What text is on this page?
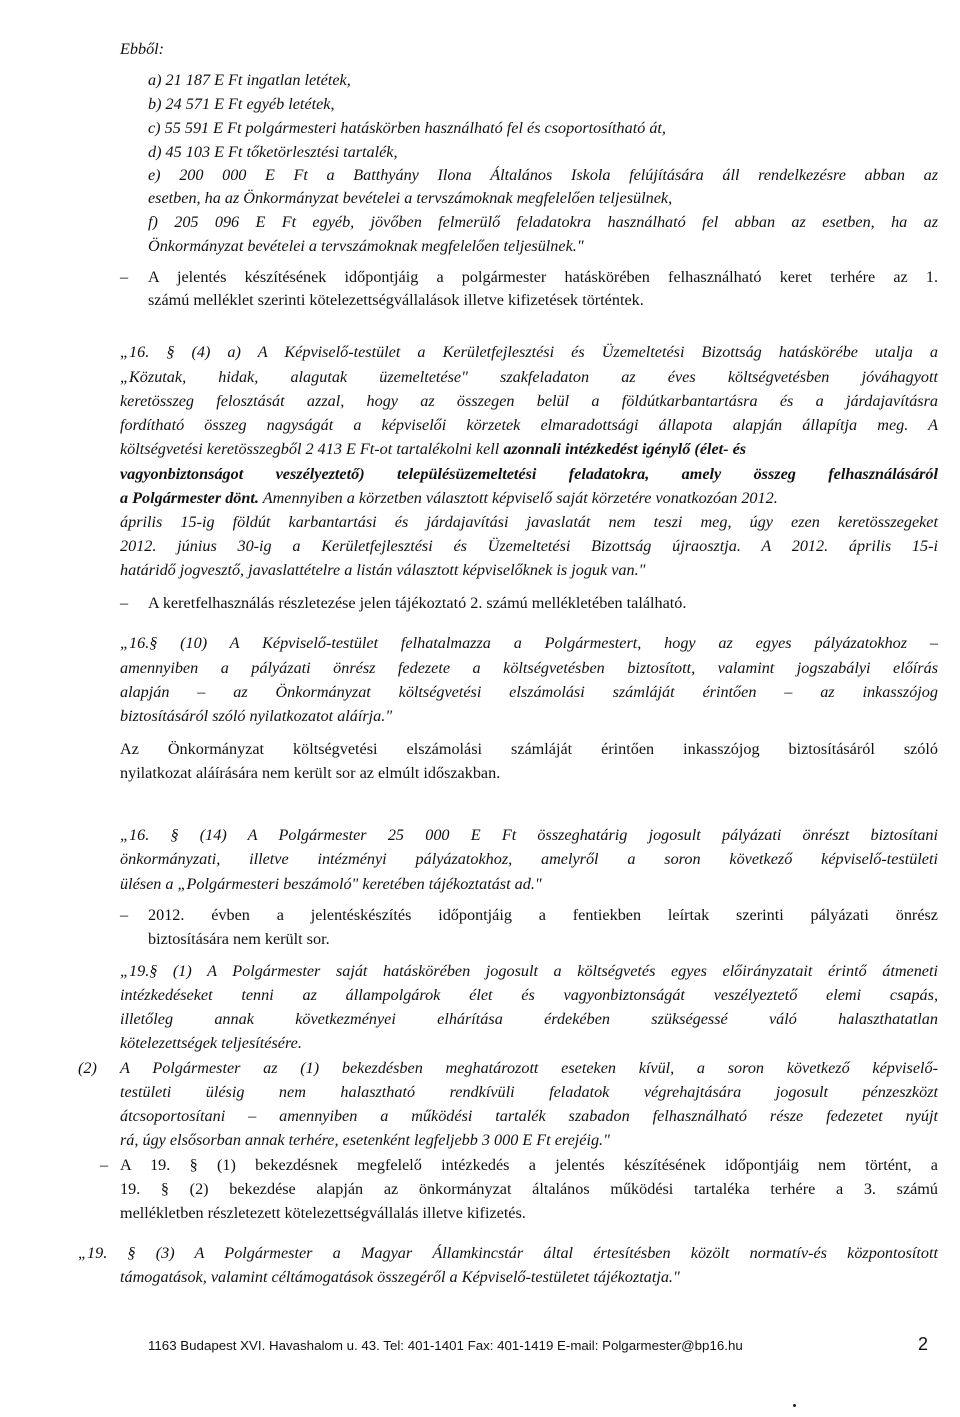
Ebből:
a) 21 187 E Ft ingatlan letétek,
b) 24 571 E Ft egyéb letétek,
c) 55 591 E Ft polgármesteri hatáskörben használható fel és csoportosítható át,
d) 45 103 E Ft tőketörlesztési tartalék,
e) 200 000 E Ft a Batthyány Ilona Általános Iskola felújítására áll rendelkezésre abban az
esetben, ha az Önkormányzat bevételei a tervszámoknak megfelelően teljesülnek,
f) 205 096 E Ft egyéb, jövőben felmerülő feladatokra használható fel abban az esetben, ha az
Önkormányzat bevételei a tervszámoknak megfelelően teljesülnek."
– A jelentés készítésének időpontjáig a polgármester hatáskörében felhasználható keret terhére az 1.
számú melléklet szerinti kötelezettségvállalások illetve kifizetések történtek.
„16. § (4) a) A Képviselő-testület a Kerületfejlesztési és Üzemeltetési Bizottság hatáskörébe utalja a
„Közutak, hidak, alagutak üzemeltetése" szakfeladaton az éves költségvetésben jóváhagyott
keretösszeg felosztását azzal, hogy az összegen belül a földútkarbantartásra és a járdajavításra
fordítható összeg nagyságát a képviselői körzetek elmaradottsági állapota alapján állapítja meg. A
költségvetési keretösszegből 2 413 E Ft-ot tartalékolni kell azonnali intézkedést igénylő (élet- és
vagyonbiztonságot veszélyeztető) településüzemeltetési feladatokra, amely összeg felhasználásáról
a Polgármester dönt. Amennyiben a körzetben választott képviselő saját körzetére vonatkozóan 2012.
április 15-ig földút karbantartási és járdajavítási javaslatát nem teszi meg, úgy ezen keretösszegeket
2012. június 30-ig a Kerületfejlesztési és Üzemeltetési Bizottság újraosztja. A 2012. április 15-i
határidő jogvesztő, javaslattételre a listán választott képviselőknek is joguk van."
– A keretfelhasználás részletezése jelen tájékoztató 2. számú mellékletében található.
„16.§ (10) A Képviselő-testület felhatalmazza a Polgármestert, hogy az egyes pályázatokhoz –
amennyiben a pályázati önrész fedezete a költségvetésben biztosított, valamint jogszabályi előírás
alapján – az Önkormányzat költségvetési elszámolási számláját érintően – az inkasszójog
biztosításáról szóló nyilatkozatot aláírja."
Az Önkormányzat költségvetési elszámolási számláját érintően inkasszójog biztosításáról szóló
nyilatkozat aláírására nem került sor az elmúlt időszakban.
„16. § (14) A Polgármester 25 000 E Ft összeghatárig jogosult pályázati önrészt biztosítani
önkormányzati, illetve intézményi pályázatokhoz, amelyről a soron következő képviselő-testületi
ülésen a „Polgármesteri beszámoló" keretében tájékoztatást ad."
– 2012. évben a jelentéskészítés időpontjáig a fentiekben leírtak szerinti pályázati önrész
biztosítására nem került sor.
„19.§ (1) A Polgármester saját hatáskörében jogosult a költségvetés egyes előirányzatait érintő átmeneti
intézkedéseket tenni az állampolgárok élet és vagyonbiztonságát veszélyeztető elemi csapás,
illetőleg annak következményei elhárítása érdekében szükségessé váló halaszthatatlan
kötelezettségek teljesítésére.
(2) A Polgármester az (1) bekezdésben meghatározott eseteken kívül, a soron következő képviselő-
testületi ülésig nem halasztható rendkívüli feladatok végrehajtására jogosult pénzeszközt
átcsoportosítani – amennyiben a működési tartalék szabadon felhasználható része fedezetet nyújt
rá, úgy elsősorban annak terhére, esetenként legfeljebb 3 000 E Ft erejéig."
– A 19. § (1) bekezdésnek megfelelő intézkedés a jelentés készítésének időpontjáig nem történt, a
19. § (2) bekezdése alapján az önkormányzat általános működési tartaléka terhére a 3. számú
mellékletben részletezett kötelezettségvállalás illetve kifizetés.
„19. § (3) A Polgármester a Magyar Államkincstár által értesítésben közölt normatív-és központosított
támogatások, valamint céltámogatások összegéről a Képviselő-testületet tájékoztatja."
1163 Budapest XVI. Havashalom u. 43. Tel: 401-1401 Fax: 401-1419 E-mail: Polgarmester@bp16.hu	2
